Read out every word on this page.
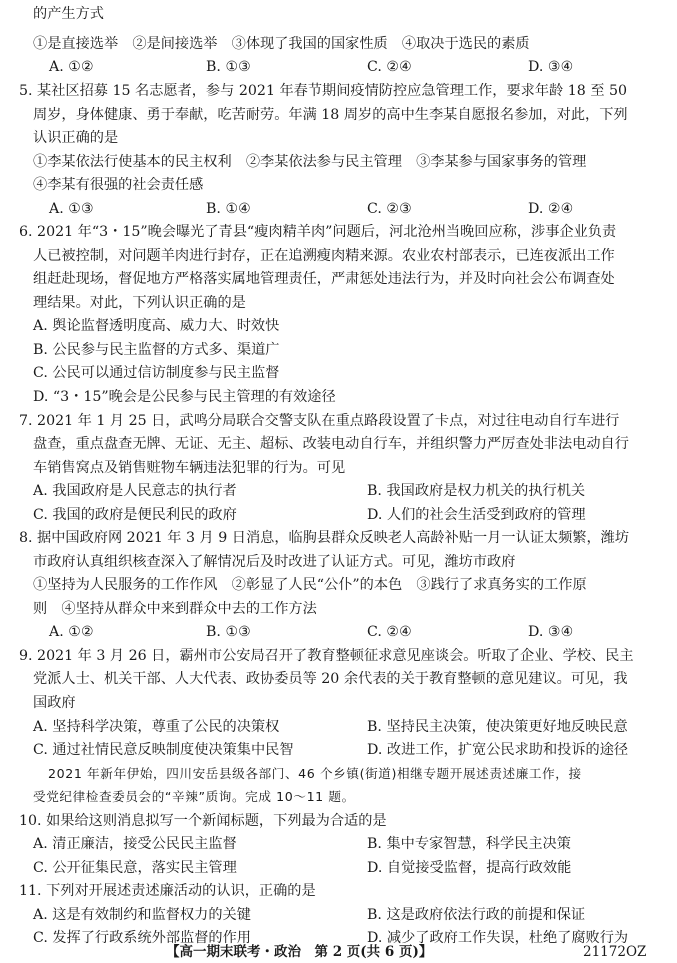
的产生方式
①是直接选举　②是间接选举　③体现了我国的国家性质　④取决于选民的素质
A. ①②	B. ①③	C. ②④	D. ③④
5. 某社区招募 15 名志愿者，参与 2021 年春节期间疫情防控应急管理工作，要求年龄 18 至 50
周岁，身体健康、勇于奉献，吃苦耐劳。年满 18 周岁的高中生李某自愿报名参加，对此，下列
认识正确的是
①李某依法行使基本的民主权利　②李某依法参与民主管理　③李某参与国家事务的管理
④李某有很强的社会责任感
A. ①③	B. ①④	C. ②③	D. ②④
6. 2021 年“3・15”晚会曝光了青县“瘦肉精羊肉”问题后，河北沧州当晚回应称，涉事企业负责
人已被控制，对问题羊肉进行封存，正在追溯瘦肉精来源。农业农村部表示，已连夜派出工作
组赶赴现场，督促地方严格落实属地管理责任，严肃惩处违法行为，并及时向社会公布调查处
理结果。对此，下列认识正确的是
A. 舆论监督透明度高、威力大、时效快
B. 公民参与民主监督的方式多、渠道广
C. 公民可以通过信访制度参与民主监督
D. “3・15”晚会是公民参与民主管理的有效途径
7. 2021 年 1 月 25 日，武鸣分局联合交警支队在重点路段设置了卡点，对过往电动自行车进行
盘查，重点盘查无牌、无证、无主、超标、改装电动自行车，并组织警力严厉查处非法电动自行
车销售窝点及销售赃物车辆违法犯罪的行为。可见
A. 我国政府是人民意志的执行者	B. 我国政府是权力机关的执行机关
C. 我国的政府是便民利民的政府	D. 人们的社会生活受到政府的管理
8. 据中国政府网 2021 年 3 月 9 日消息，临朐县群众反映老人高龄补贴一月一认证太频繁，潍坊
市政府认真组织核查深入了解情况后及时改进了认证方式。可见，潍坊市政府
①坚持为人民服务的工作作风　②彰显了人民“公仆”的本色　③践行了求真务实的工作原
则　④坚持从群众中来到群众中去的工作方法
A. ①②	B. ①③	C. ②④	D. ③④
9. 2021 年 3 月 26 日，霸州市公安局召开了教育整顿征求意见座谈会。听取了企业、学校、民主
党派人士、机关干部、人大代表、政协委员等 20 余代表的关于教育整顿的意见建议。可见，我
国政府
A. 坚持科学决策，尊重了公民的决策权	B. 坚持民主决策，使决策更好地反映民意
C. 通过社情民意反映制度使决策集中民智	D. 改进工作，扩宽公民求助和投诉的途径
2021 年新年伊始，四川安岳县级各部门、46 个乡镇(街道)相继专题开展述责述廉工作，接
受党纪律检查委员会的“辛辣”质询。完成 10～11 题。
10. 如果给这则消息拟写一个新闻标题，下列最为合适的是
A. 清正廉洁，接受公民民主监督	B. 集中专家智慧，科学民主决策
C. 公开征集民意，落实民主管理	D. 自觉接受监督，提高行政效能
11. 下列对开展述责述廉活动的认识，正确的是
A. 这是有效制约和监督权力的关键	B. 这是政府依法行政的前提和保证
C. 发挥了行政系统外部监督的作用	D. 减少了政府工作失误，杜绝了腐败行为
【高一期末联考・政治　第 2 页(共 6 页)】	21172OZ
